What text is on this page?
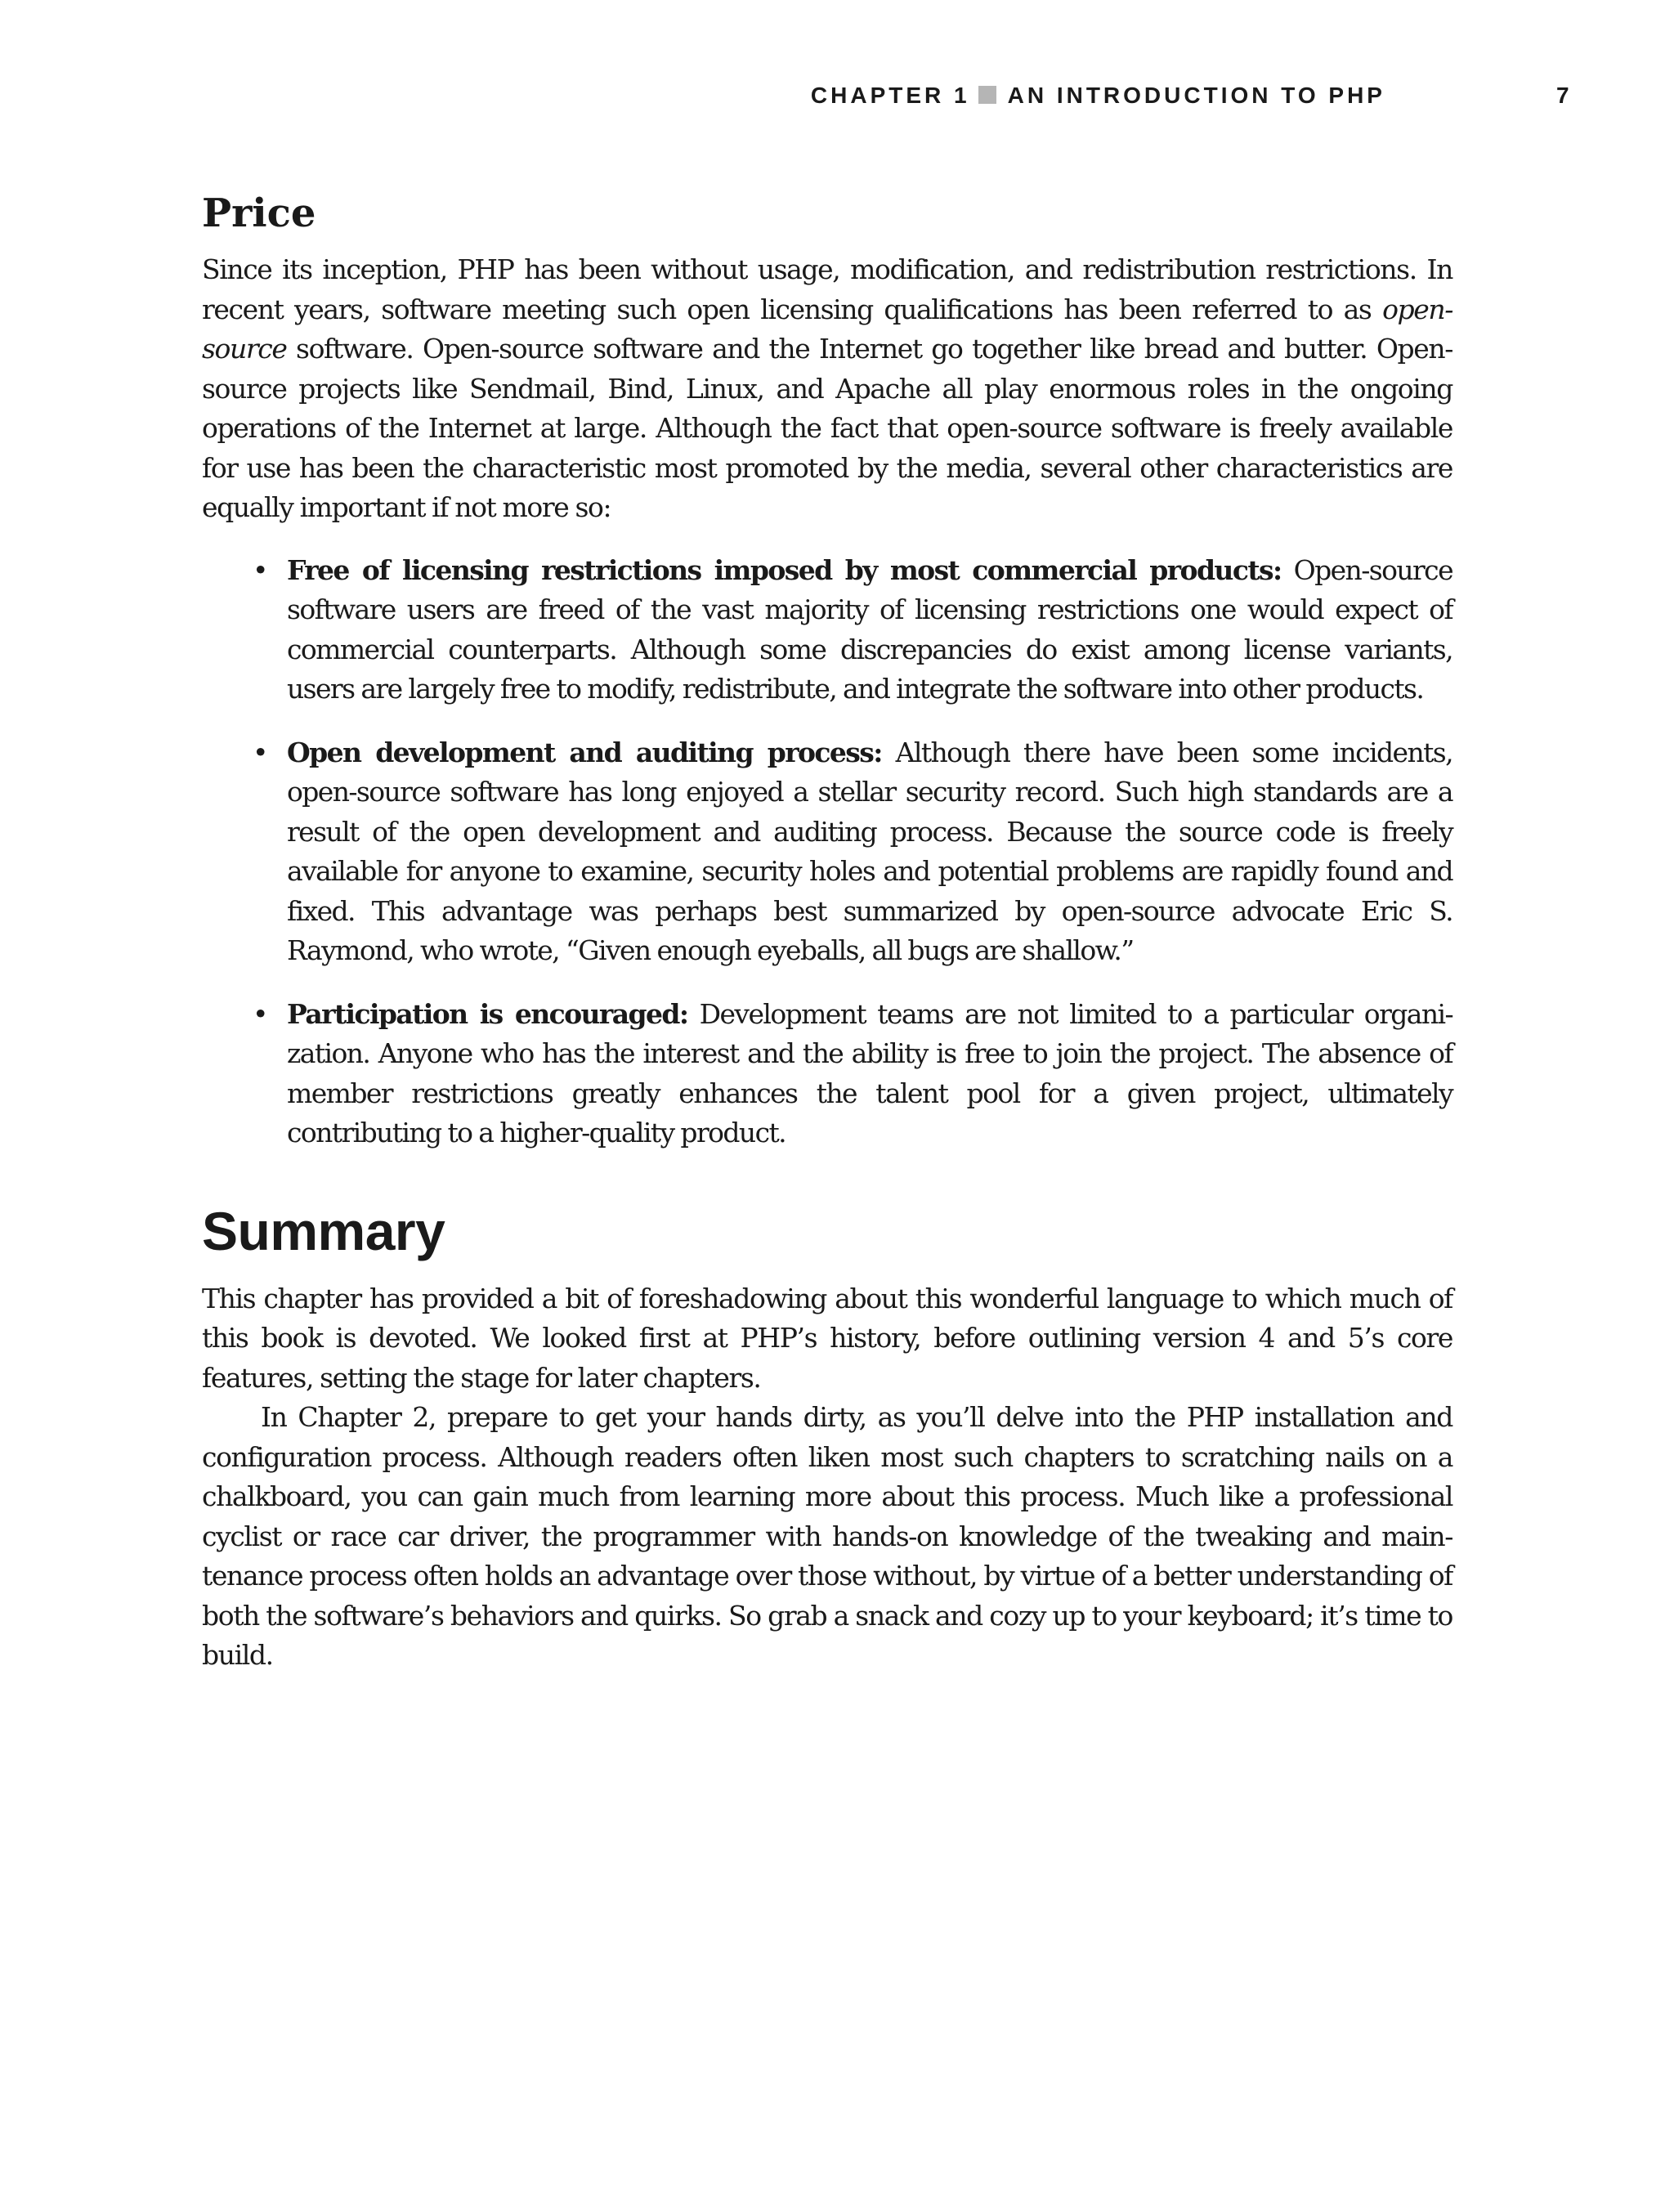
CHAPTER 1 AN INTRODUCTION TO PHP	7
Price

Since its inception, PHP has been without usage, modification, and redistribution restrictions. In recent years, software meeting such open licensing qualifications has been referred to as open-source software. Open-source software and the Internet go together like bread and butter. Open-source projects like Sendmail, Bind, Linux, and Apache all play enormous roles in the ongoing operations of the Internet at large. Although the fact that open-source software is freely available for use has been the characteristic most promoted by the media, several other characteristics are equally important if not more so:

• Free of licensing restrictions imposed by most commercial products: Open-source software users are freed of the vast majority of licensing restrictions one would expect of commercial counterparts. Although some discrepancies do exist among license variants, users are largely free to modify, redistribute, and integrate the software into other products.
• Open development and auditing process: Although there have been some incidents, open-source software has long enjoyed a stellar security record. Such high standards are a result of the open development and auditing process. Because the source code is freely available for anyone to examine, security holes and potential problems are rapidly found and fixed. This advantage was perhaps best summarized by open-source advocate Eric S. Raymond, who wrote, “Given enough eyeballs, all bugs are shallow.”
• Participation is encouraged: Development teams are not limited to a particular organi-zation. Anyone who has the interest and the ability is free to join the project. The absence of member restrictions greatly enhances the talent pool for a given project, ultimately contributing to a higher-quality product.
Summary

This chapter has provided a bit of foreshadowing about this wonderful language to which much of this book is devoted. We looked first at PHP’s history, before outlining version 4 and 5’s core features, setting the stage for later chapters.

In Chapter 2, prepare to get your hands dirty, as you’ll delve into the PHP installation and configuration process. Although readers often liken most such chapters to scratching nails on a chalkboard, you can gain much from learning more about this process. Much like a professional cyclist or race car driver, the programmer with hands-on knowledge of the tweaking and main-tenance process often holds an advantage over those without, by virtue of a better understanding of both the software’s behaviors and quirks. So grab a snack and cozy up to your keyboard; it’s time to build.
